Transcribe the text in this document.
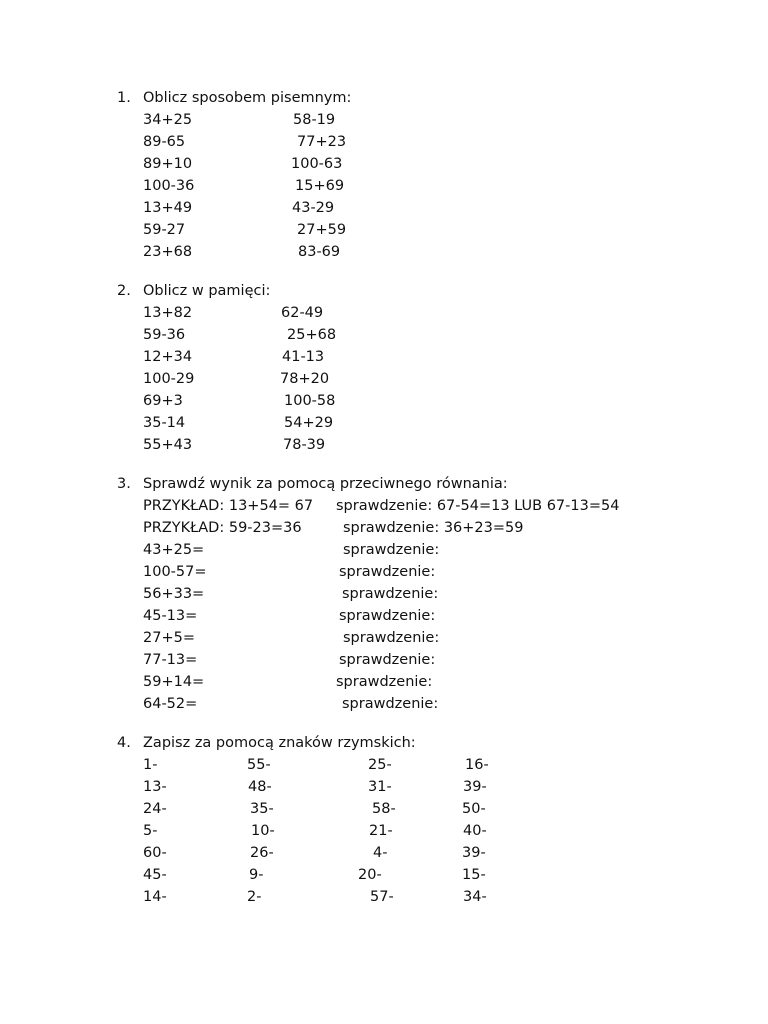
1. Oblicz sposobem pisemnym:
34+25	58-19
89-65	77+23
89+10	100-63
100-36	15+69
13+49	43-29
59-27	27+59
23+68	83-69
2. Oblicz w pamięci:
13+82	62-49
59-36	25+68
12+34	41-13
100-29	78+20
69+3	100-58
35-14	54+29
55+43	78-39
3. Sprawdź wynik za pomocą przeciwnego równania:
PRZYKŁAD: 13+54= 67 sprawdzenie: 67-54=13 LUB 67-13=54
PRZYKŁAD: 59-23=36	sprawdzenie: 36+23=59
43+25=	sprawdzenie:
100-57=	sprawdzenie:
56+33=	sprawdzenie:
45-13=	sprawdzenie:
27+5=	sprawdzenie:
77-13=	sprawdzenie:
59+14=	sprawdzenie:
64-52=	sprawdzenie:
4. Zapisz za pomocą znaków rzymskich:
1-	55-	25-	16-
13-	48-	31-	39-
24-	35-	58-	50-
5-	10-	21-	40-
60-	26-	4-	39-
45-	9-	20-	15-
14-	2-	57-	34-
